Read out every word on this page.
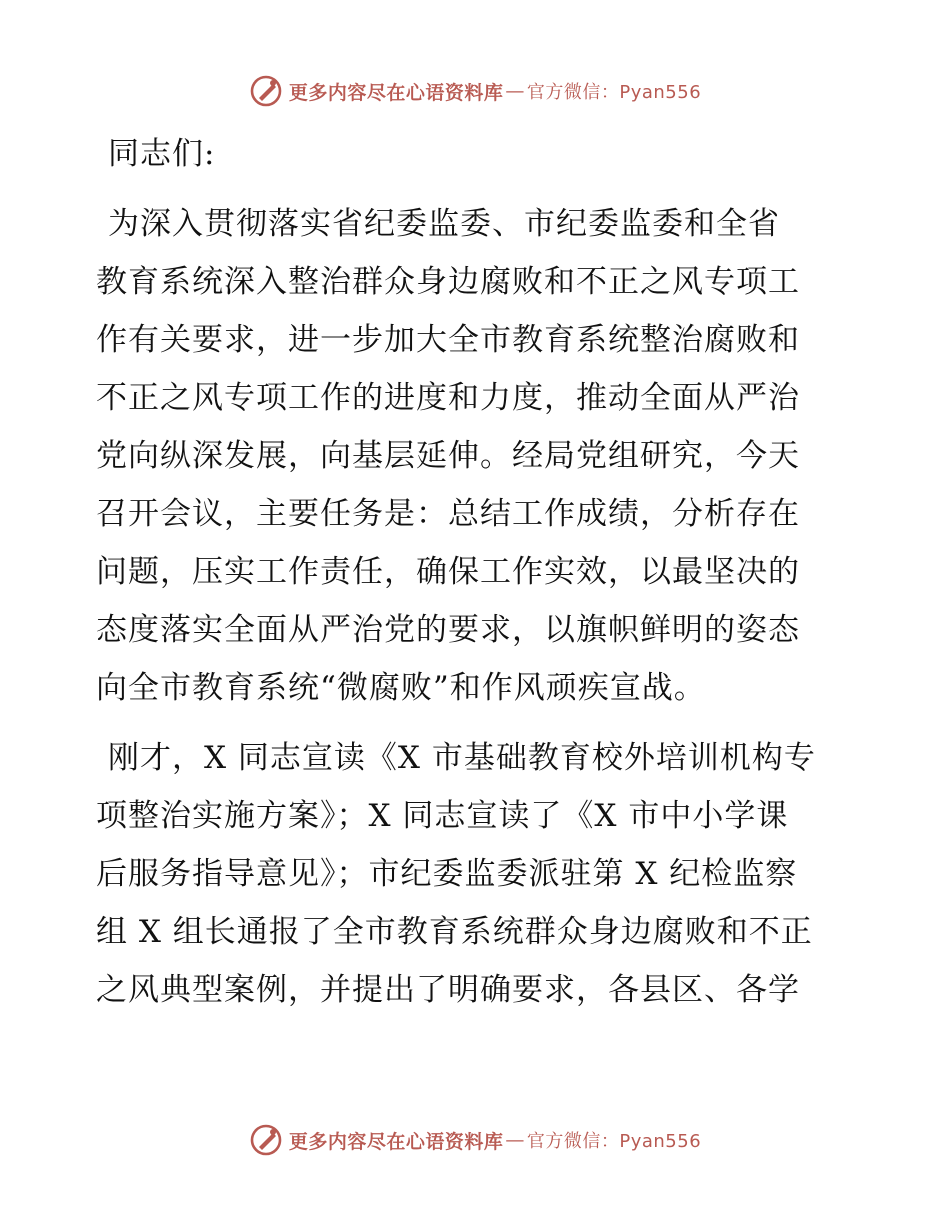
更多内容尽在心语资料库 — 官方微信：Pyan556
同志们:
为深入贯彻落实省纪委监委、市纪委监委和全省
教育系统深入整治群众身边腐败和不正之风专项工
作有关要求，进一步加大全市教育系统整治腐败和
不正之风专项工作的进度和力度，推动全面从严治
党向纵深发展，向基层延伸。经局党组研究，今天
召开会议，主要任务是：总结工作成绩，分析存在
问题，压实工作责任，确保工作实效，以最坚决的
态度落实全面从严治党的要求，以旗帜鲜明的姿态
向全市教育系统“微腐败”和作风顽疾宣战。
刚才，X 同志宣读《X 市基础教育校外培训机构专
项整治实施方案》；X 同志宣读了《X 市中小学课
后服务指导意见》；市纪委监委派驻第 X 纪检监察
组 X 组长通报了全市教育系统群众身边腐败和不正
之风典型案例，并提出了明确要求，各县区、各学
更多内容尽在心语资料库 — 官方微信：Pyan556
